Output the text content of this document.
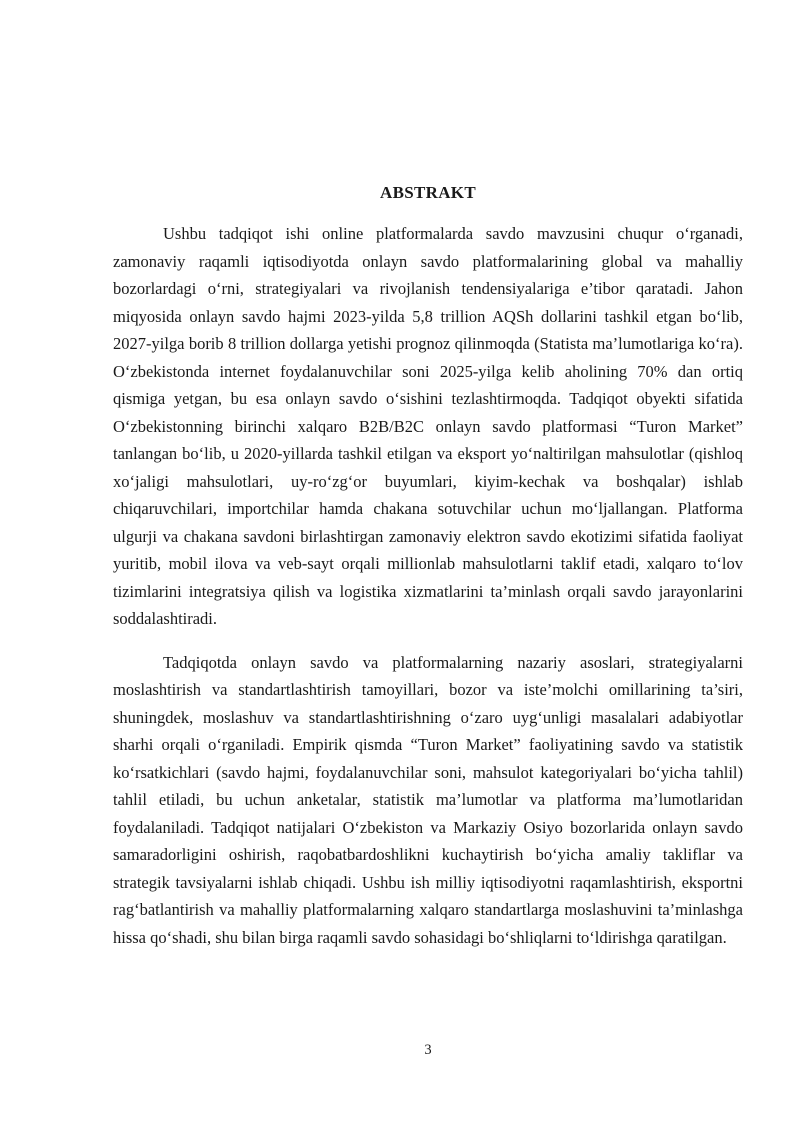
ABSTRAKT

Ushbu tadqiqot ishi online platformalarda savdo mavzusini chuqur o‘rganadi, zamonaviy raqamli iqtisodiyotda onlayn savdo platformalarining global va mahalliy bozorlardagi o‘rni, strategiyalari va rivojlanish tendensiyalariga e’tibor qaratadi. Jahon miqyosida onlayn savdo hajmi 2023-yilda 5,8 trillion AQSh dollarini tashkil etgan bo‘lib, 2027-yilga borib 8 trillion dollarga yetishi prognoz qilinmoqda (Statista ma’lumotlariga ko‘ra). O‘zbekistonda internet foydalanuvchilar soni 2025-yilga kelib aholining 70% dan ortiq qismiga yetgan, bu esa onlayn savdo o‘sishini tezlashtirmoqda. Tadqiqot obyekti sifatida O‘zbekistonning birinchi xalqaro B2B/B2C onlayn savdo platformasi “Turon Market” tanlangan bo‘lib, u 2020-yillarda tashkil etilgan va eksport yo‘naltirilgan mahsulotlar (qishloq xo‘jaligi mahsulotlari, uy-ro‘zg‘or buyumlari, kiyim-kechak va boshqalar) ishlab chiqaruvchilari, importchilar hamda chakana sotuvchilar uchun mo‘ljallangan. Platforma ulgurji va chakana savdoni birlashtirgan zamonaviy elektron savdo ekotizimi sifatida faoliyat yuritib, mobil ilova va veb-sayt orqali millionlab mahsulotlarni taklif etadi, xalqaro to‘lov tizimlarini integratsiya qilish va logistika xizmatlarini ta’minlash orqali savdo jarayonlarini soddalashtiradi.

Tadqiqotda onlayn savdo va platformalarning nazariy asoslari, strategiyalarni moslashtirish va standartlashtirish tamoyillari, bozor va iste’molchi omillarining ta’siri, shuningdek, moslashuv va standartlashtirishning o‘zaro uyg‘unligi masalalari adabiyotlar sharhi orqali o‘rganiladi. Empirik qismda “Turon Market” faoliyatining savdo va statistik ko‘rsatkichlari (savdo hajmi, foydalanuvchilar soni, mahsulot kategoriyalari bo‘yicha tahlil) tahlil etiladi, bu uchun anketalar, statistik ma’lumotlar va platforma ma’lumotlaridan foydalaniladi. Tadqiqot natijalari O‘zbekiston va Markaziy Osiyo bozorlarida onlayn savdo samaradorligini oshirish, raqobatbardoshlikni kuchaytirish bo‘yicha amaliy takliflar va strategik tavsiyalarni ishlab chiqadi. Ushbu ish milliy iqtisodiyotni raqamlashtirish, eksportni rag‘batlantirish va mahalliy platformalarning xalqaro standartlarga moslashuvini ta’minlashga hissa qo‘shadi, shu bilan birga raqamli savdo sohasidagi bo‘shliqlarni to‘ldirishga qaratilgan.

3
